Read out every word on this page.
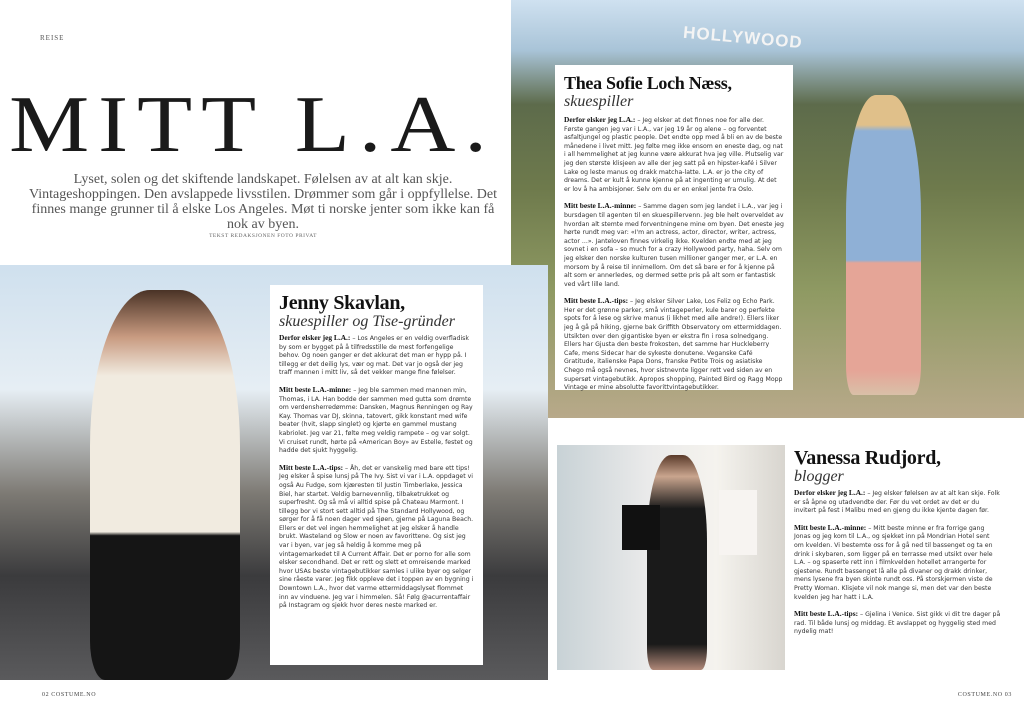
REISE
MITT L.A.
Lyset, solen og det skiftende landskapet. Følelsen av at alt kan skje. Vintageshoppingen. Den avslappede livsstilen. Drømmer som går i oppfyllelse. Det finnes mange grunner til å elske Los Angeles. Møt ti norske jenter som ikke kan få nok av byen.
TEKST REDAKSJONEN FOTO PRIVAT
HOLLYWOOD
Jenny Skavlan,
skuespiller og Tise-gründer

Derfor elsker jeg L.A.: – Los Angeles er en veldig overfladisk by som er bygget på å tilfredsstille de mest forfengelige behov. Og noen ganger er det akkurat det man er hypp på. I tillegg er det deilig lys, vær og mat. Det var jo også der jeg traff mannen i mitt liv, så det vekker mange fine følelser.

Mitt beste L.A.-minne: – Jeg ble sammen med mannen min, Thomas, i LA. Han bodde der sammen med gutta som drømte om verdensherredømme: Dansken, Magnus Renningen og Ray Kay. Thomas var DJ, skinna, tatovert, gikk konstant med wife beater (hvit, slapp singlet) og kjørte en gammel mustang kabriolet. Jeg var 21, følte meg veldig rampete – og var solgt. Vi cruiset rundt, hørte på «American Boy» av Estelle, festet og hadde det sjukt hyggelig.

Mitt beste L.A.-tips: – Åh, det er vanskelig med bare ett tips! Jeg elsker å spise lunsj på The Ivy. Sist vi var i L.A. oppdaget vi også Au Fudge, som kjæresten til Justin Timberlake, Jessica Biel, har startet. Veldig barnevennlig, tilbaketrukket og superfresht. Og så må vi alltid spise på Chateau Marmont. I tillegg bor vi stort sett alltid på The Standard Hollywood, og sørger for å få noen dager ved sjøen, gjerne på Laguna Beach. Ellers er det vel ingen hemmelighet at jeg elsker å handle brukt. Wasteland og Slow er noen av favorittene. Og sist jeg var i byen, var jeg så heldig å komme meg på vintagemarkedet til A Current Affair. Det er porno for alle som elsker secondhand. Det er rett og slett et omreisende marked hvor USAs beste vintagebutikker samles i ulike byer og selger sine råeste varer. Jeg fikk oppleve det i toppen av en bygning i Downtown L.A., hvor det varme ettermiddagslyset flommet inn av vinduene. Jeg var i himmelen. Så! Følg @acurrentaffair på Instagram og sjekk hvor deres neste marked er.

Thea Sofie Loch Næss, skuespiller

Derfor elsker jeg L.A.: – Jeg elsker at det finnes noe for alle der. Første gangen jeg var i L.A., var jeg 19 år og alene – og forventet asfaltjungel og plastic people. Det endte opp med å bli en av de beste månedene i livet mitt. Jeg følte meg ikke ensom en eneste dag, og nat i all hemmelighet at jeg kunne være akkurat hva jeg ville. Plutselig var jeg den største klisjeen av alle der jeg satt på en hipster-kafé i Silver Lake og leste manus og drakk matcha-latte. L.A. er jo the city of dreams. Det er kult å kunne kjenne på at ingenting er umulig. At det er lov å ha ambisjoner. Selv om du er en enkel jente fra Oslo.

Mitt beste L.A.-minne: – Samme dagen som jeg landet i L.A., var jeg i bursdagen til agenten til en skuespillervenn. Jeg ble helt overveldet av hvordan alt stemte med forventningene mine om byen. Det eneste jeg hørte rundt meg var: «I'm an actress, actor, director, writer, actress, actor ...». Janteloven finnes virkelig ikke. Kvelden endte med at jeg sovnet i en sofa – so much for a crazy Hollywood party, haha. Selv om jeg elsker den norske kulturen tusen millioner ganger mer, er L.A. en morsom by å reise til innimellom. Om det så bare er for å kjenne på alt som er annerledes, og dermed sette pris på alt som er fantastisk ved vårt lille land.

Mitt beste L.A.-tips: – Jeg elsker Silver Lake, Los Feliz og Echo Park. Her er det grønne parker, små vintageperler, kule barer og perfekte spots for å lese og skrive manus (i likhet med alle andre!). Ellers liker jeg å gå på hiking, gjerne bak Griffith Observatory om ettermiddagen. Utsikten over den gigantiske byen er ekstra fin i rosa solnedgang. Ellers har Gjusta den beste frokosten, det samme har Huckleberry Cafe, mens Sidecar har de sykeste donutene. Veganske Café Gratitude, italienske Papa Dons, franske Petite Trois og asiatiske Chego må også nevnes, hvor sistnevnte ligger rett ved siden av en supersøt vintagebutikk. Apropos shopping, Painted Bird og Ragg Mopp Vintage er mine absolutte favorittvintagebutikker.

Vanessa Rudjord,
blogger

Derfor elsker jeg L.A.: – Jeg elsker følelsen av at alt kan skje. Folk er så åpne og utadvendte der. Før du vet ordet av det er du invitert på fest i Malibu med en gjeng du ikke kjente dagen før.

Mitt beste L.A.-minne: – Mitt beste minne er fra forrige gang Jonas og jeg kom til L.A., og sjekket inn på Mondrian Hotel sent om kvelden. Vi bestemte oss for å gå ned til bassenget og ta en drink i skybaren, som ligger på en terrasse med utsikt over hele L.A. – og spaserte rett inn i filmkvelden hotellet arrangerte for gjestene. Rundt bassenget lå alle på divaner og drakk drinker, mens lysene fra byen skinte rundt oss. På storskjermen viste de Pretty Woman. Klisjete vil nok mange si, men det var den beste kvelden jeg har hatt i L.A.

Mitt beste L.A.-tips: – Gjelina i Venice. Sist gikk vi dit tre dager på rad. Til både lunsj og middag. Et avslappet og hyggelig sted med nydelig mat!

02 COSTUME.NO	COSTUME.NO 03
